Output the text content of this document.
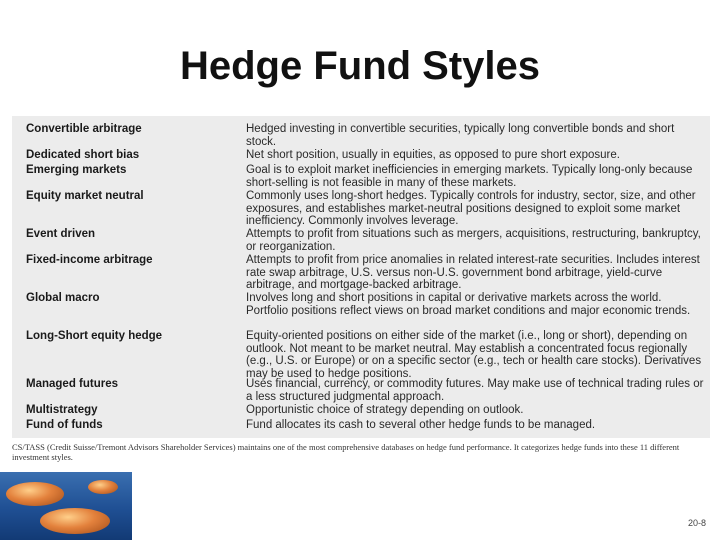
Hedge Fund Styles
Convertible arbitrage	Hedged investing in convertible securities, typically long convertible bonds and short stock.
Dedicated short bias	Net short position, usually in equities, as opposed to pure short exposure.
Emerging markets	Goal is to exploit market inefficiencies in emerging markets. Typically long-only because short-selling is not feasible in many of these markets.
Equity market neutral	Commonly uses long-short hedges. Typically controls for industry, sector, size, and other exposures, and establishes market-neutral positions designed to exploit some market inefficiency. Commonly involves leverage.
Event driven	Attempts to profit from situations such as mergers, acquisitions, restructuring, bankruptcy, or reorganization.
Fixed-income arbitrage	Attempts to profit from price anomalies in related interest-rate securities. Includes interest rate swap arbitrage, U.S. versus non-U.S. government bond arbitrage, yield-curve arbitrage, and mortgage-backed arbitrage.
Global macro	Involves long and short positions in capital or derivative markets across the world. Portfolio positions reflect views on broad market conditions and major economic trends.
Long-Short equity hedge	Equity-oriented positions on either side of the market (i.e., long or short), depending on outlook. Not meant to be market neutral. May establish a concentrated focus regionally (e.g., U.S. or Europe) or on a specific sector (e.g., tech or health care stocks). Derivatives may be used to hedge positions.
Managed futures	Uses financial, currency, or commodity futures. May make use of technical trading rules or a less structured judgmental approach.
Multistrategy	Opportunistic choice of strategy depending on outlook.
Fund of funds	Fund allocates its cash to several other hedge funds to be managed.
CS/TASS (Credit Suisse/Tremont Advisors Shareholder Services) maintains one of the most comprehensive databases on hedge fund performance. It categorizes hedge funds into these 11 different investment styles.
20-8
